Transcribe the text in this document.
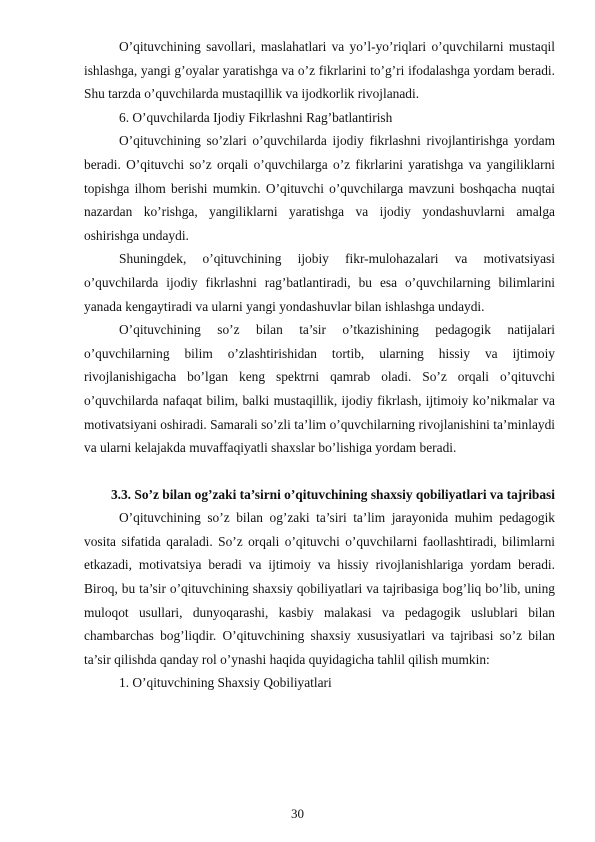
O’qituvchining savollari, maslahatlari va yo’l-yo’riqlari o’quvchilarni mustaqil ishlashga, yangi g’oyalar yaratishga va o’z fikrlarini to’g’ri ifodalashga yordam beradi. Shu tarzda o’quvchilarda mustaqillik va ijodkorlik rivojlanadi.

6. O’quvchilarda Ijodiy Fikrlashni Rag’batlantirish

O’qituvchining so’zlari o’quvchilarda ijodiy fikrlashni rivojlantirishga yordam beradi. O’qituvchi so’z orqali o’quvchilarga o’z fikrlarini yaratishga va yangiliklarni topishga ilhom berishi mumkin. O’qituvchi o’quvchilarga mavzuni boshqacha nuqtai nazardan ko’rishga, yangiliklarni yaratishga va ijodiy yondashuvlarni amalga oshirishga undaydi.

Shuningdek, o’qituvchining ijobiy fikr-mulohazalari va motivatsiyasi o’quvchilarda ijodiy fikrlashni rag’batlantiradi, bu esa o’quvchilarning bilimlarini yanada kengaytiradi va ularni yangi yondashuvlar bilan ishlashga undaydi.

O’qituvchining so’z bilan ta’sir o’tkazishining pedagogik natijalari o’quvchilarning bilim o’zlashtirishidan tortib, ularning hissiy va ijtimoiy rivojlanishigacha bo’lgan keng spektrni qamrab oladi. So’z orqali o’qituvchi o’quvchilarda nafaqat bilim, balki mustaqillik, ijodiy fikrlash, ijtimoiy ko’nikmalar va motivatsiyani oshiradi. Samarali so’zli ta’lim o’quvchilarning rivojlanishini ta’minlaydi va ularni kelajakda muvaffaqiyatli shaxslar bo’lishiga yordam beradi.

3.3. So’z bilan og’zaki ta’sirni o’qituvchining shaxsiy qobiliyatlari va tajribasi

O’qituvchining so’z bilan og’zaki ta’siri ta’lim jarayonida muhim pedagogik vosita sifatida qaraladi. So’z orqali o’qituvchi o’quvchilarni faollashtiradi, bilimlarni etkazadi, motivatsiya beradi va ijtimoiy va hissiy rivojlanishlariga yordam beradi. Biroq, bu ta’sir o’qituvchining shaxsiy qobiliyatlari va tajribasiga bog’liq bo’lib, uning muloqot usullari, dunyoqarashi, kasbiy malakasi va pedagogik uslublari bilan chambarchas bog’liqdir. O’qituvchining shaxsiy xususiyatlari va tajribasi so’z bilan ta’sir qilishda qanday rol o’ynashi haqida quyidagicha tahlil qilish mumkin:

1. O’qituvchining Shaxsiy Qobiliyatlari

30
